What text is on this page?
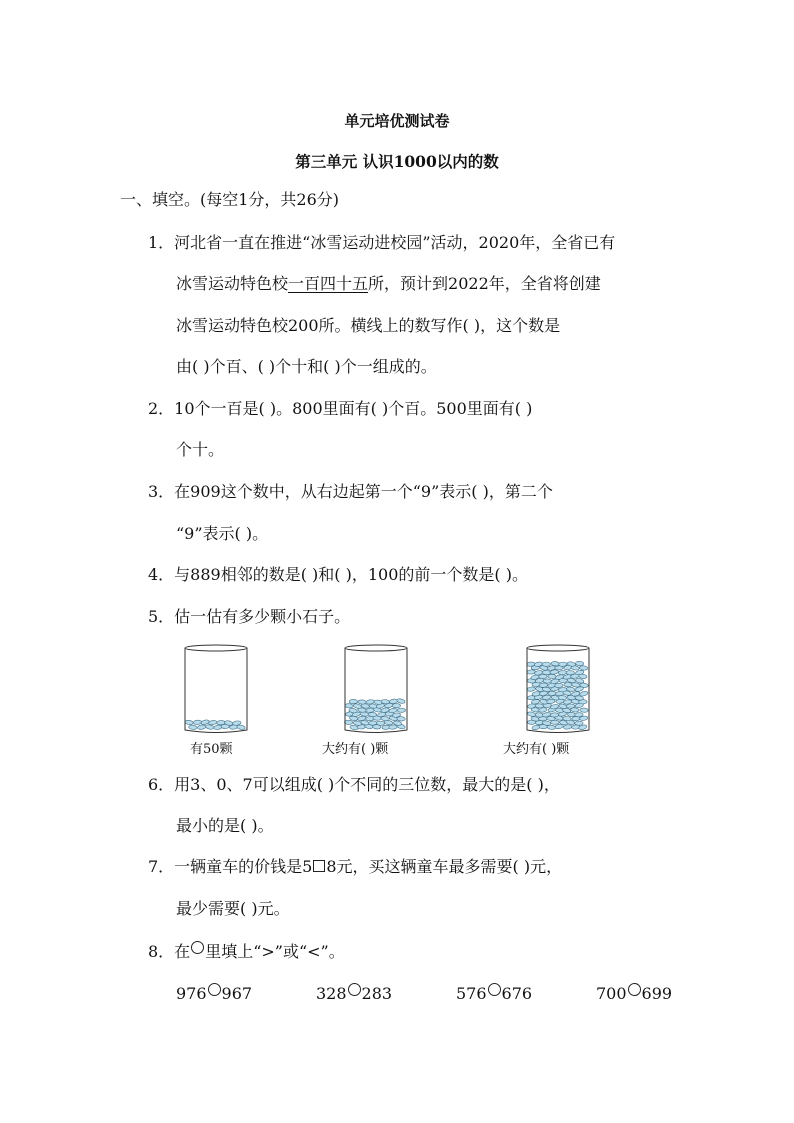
单元培优测试卷
第三单元 认识1000以内的数
一、填空。(每空1分，共26分)
1．河北省一直在推进“冰雪运动进校园”活动，2020年，全省已有
冰雪运动特色校一百四十五所，预计到2022年，全省将创建
冰雪运动特色校200所。横线上的数写作( )，这个数是
由( )个百、( )个十和( )个一组成的。
2．10个一百是( )。800里面有( )个百。500里面有( )
个十。
3．在909这个数中，从右边起第一个“9”表示( )，第二个
“9”表示( )。
4．与889相邻的数是( )和( )，100的前一个数是( )。
5．估一估有多少颗小石子。
有50颗	大约有( )颗	大约有( )颗
6．用3、0、7可以组成( )个不同的三位数，最大的是( )，
最小的是( )。
7．一辆童车的价钱是5 8元，买这辆童车最多需要( )元，
最少需要( )元。
8．在 里填上“>”或“<”。
976 967	328 283	576 676	700 699
